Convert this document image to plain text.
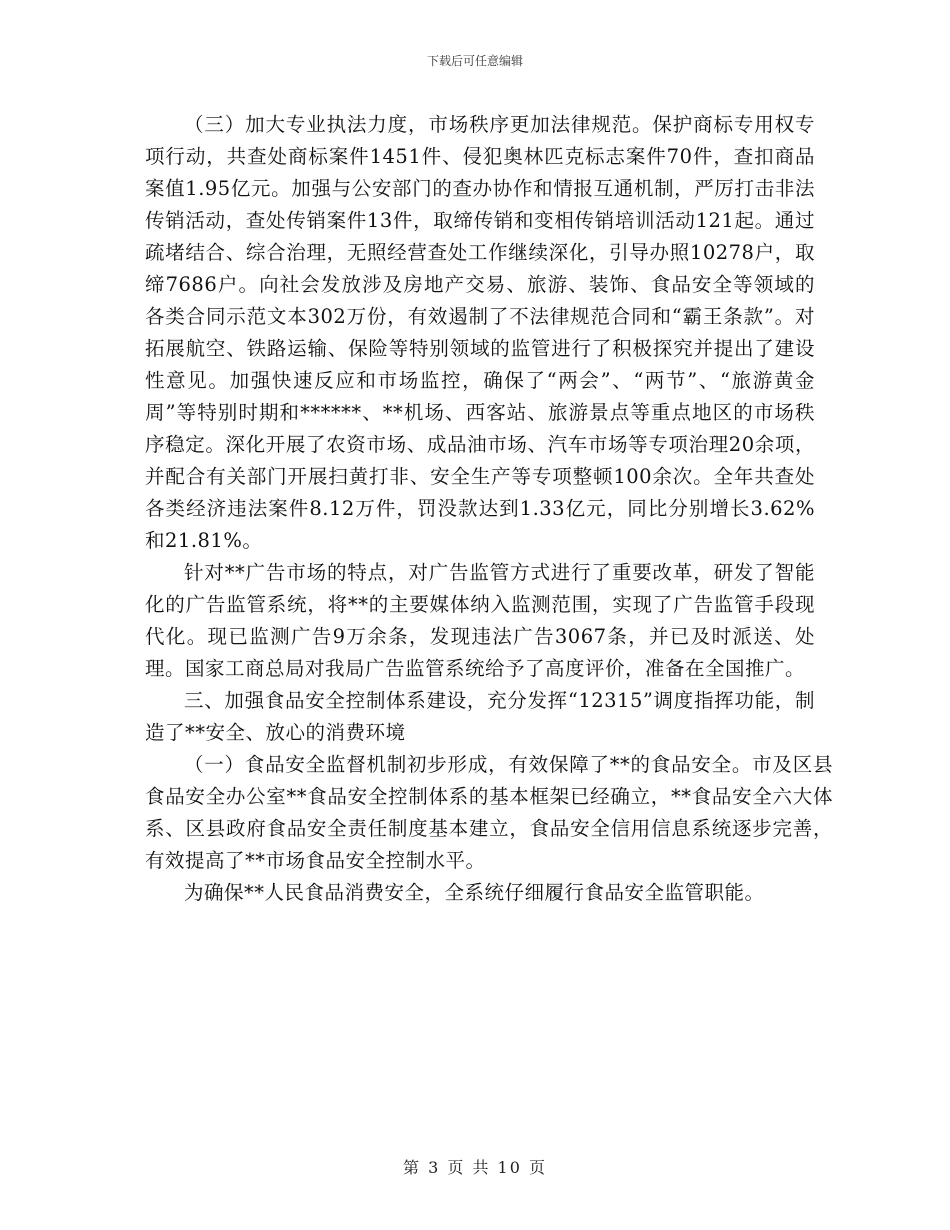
下载后可任意编辑

（三）加大专业执法力度，市场秩序更加法律规范。保护商标专用权专项行动，共查处商标案件1451件、侵犯奥林匹克标志案件70件，查扣商品案值1.95亿元。加强与公安部门的查办协作和情报互通机制，严厉打击非法传销活动，查处传销案件13件，取缔传销和变相传销培训活动121起。通过疏堵结合、综合治理，无照经营查处工作继续深化，引导办照10278户，取缔7686户。向社会发放涉及房地产交易、旅游、装饰、食品安全等领域的各类合同示范文本302万份，有效遏制了不法律规范合同和“霸王条款”。对拓展航空、铁路运输、保险等特别领域的监管进行了积极探究并提出了建设性意见。加强快速反应和市场监控，确保了“两会”、“两节”、“旅游黄金周”等特别时期和******、**机场、西客站、旅游景点等重点地区的市场秩序稳定。深化开展了农资市场、成品油市场、汽车市场等专项治理20余项，并配合有关部门开展扫黄打非、安全生产等专项整顿100余次。全年共查处各类经济违法案件8.12万件，罚没款达到1.33亿元，同比分别增长3.62%和21.81%。

针对**广告市场的特点，对广告监管方式进行了重要改革，研发了智能化的广告监管系统，将**的主要媒体纳入监测范围，实现了广告监管手段现代化。现已监测广告9万余条，发现违法广告3067条，并已及时派送、处理。国家工商总局对我局广告监管系统给予了高度评价，准备在全国推广。

三、加强食品安全控制体系建设，充分发挥“12315”调度指挥功能，制造了**安全、放心的消费环境

（一）食品安全监督机制初步形成，有效保障了**的食品安全。市及区县食品安全办公室**食品安全控制体系的基本框架已经确立，**食品安全六大体系、区县政府食品安全责任制度基本建立，食品安全信用信息系统逐步完善，有效提高了**市场食品安全控制水平。

为确保**人民食品消费安全，全系统仔细履行食品安全监管职能。

第 3 页 共 10 页
